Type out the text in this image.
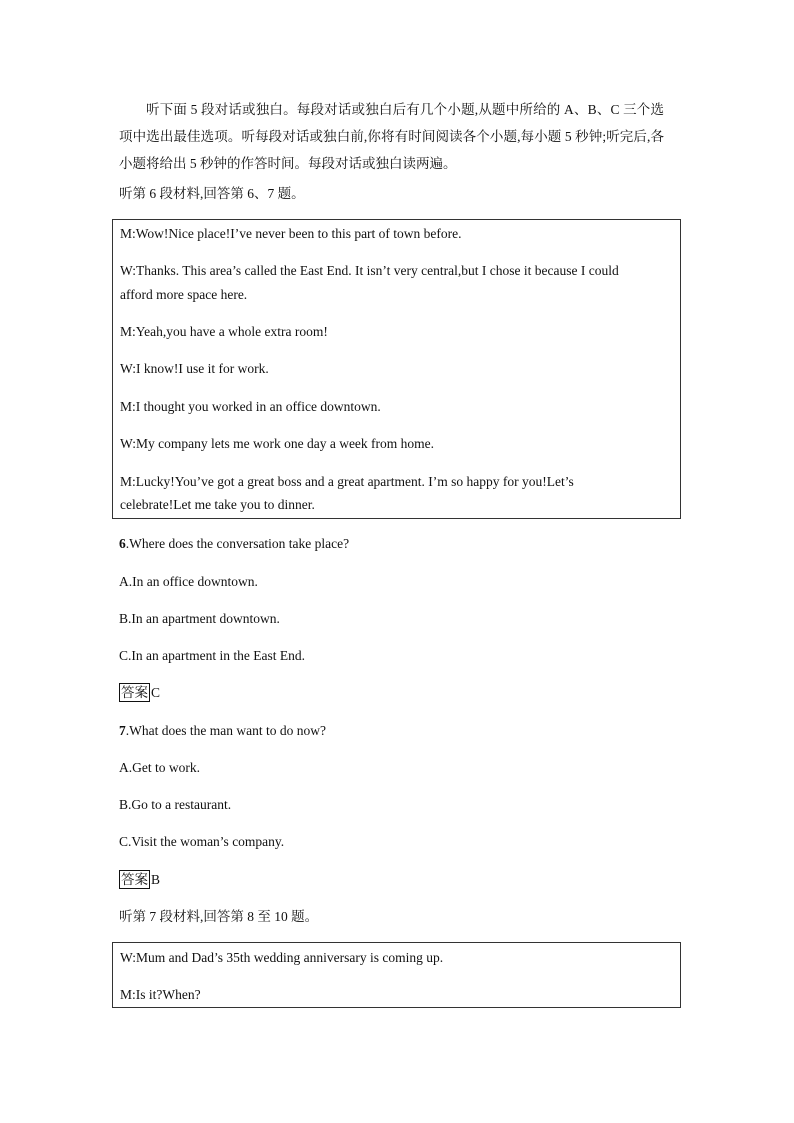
听下面 5 段对话或独白。每段对话或独白后有几个小题,从题中所给的 A、B、C 三个选项中选出最佳选项。听每段对话或独白前,你将有时间阅读各个小题,每小题 5 秒钟;听完后,各小题将给出 5 秒钟的作答时间。每段对话或独白读两遍。
听第 6 段材料,回答第 6、7 题。
M:Wow!Nice place!I’ve never been to this part of town before.
W:Thanks. This area’s called the East End. It isn’t very central,but I chose it because I could
afford more space here.
M:Yeah,you have a whole extra room!
W:I know!I use it for work.
M:I thought you worked in an office downtown.
W:My company lets me work one day a week from home.
M:Lucky!You’ve got a great boss and a great apartment. I’m so happy for you!Let’s
celebrate!Let me take you to dinner.
6.Where does the conversation take place?
A.In an office downtown.
B.In an apartment downtown.
C.In an apartment in the East End.
答案 C
7.What does the man want to do now?
A.Get to work.
B.Go to a restaurant.
C.Visit the woman’s company.
答案 B
听第 7 段材料,回答第 8 至 10 题。
W:Mum and Dad’s 35th wedding anniversary is coming up.
M:Is it?When?
